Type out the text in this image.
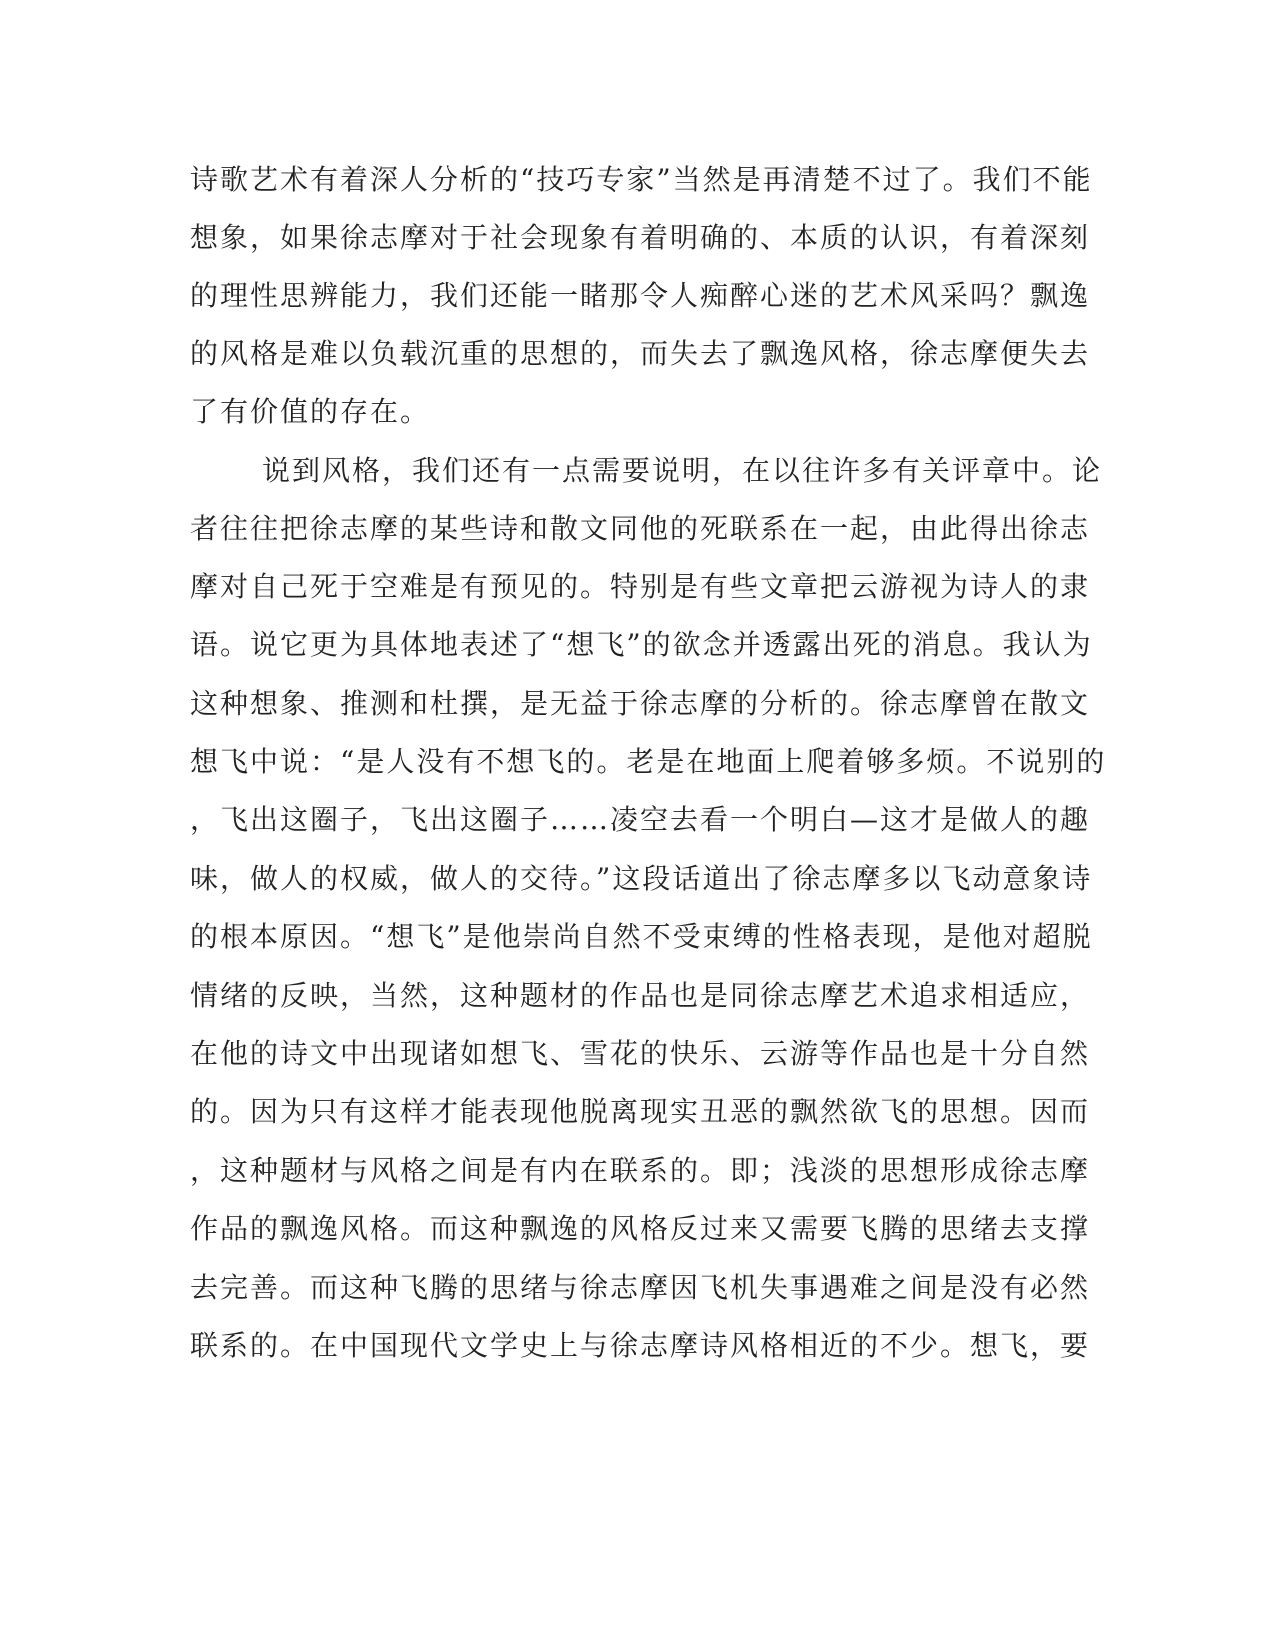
诗歌艺术有着深人分析的“技巧专家”当然是再清楚不过了。我们不能
想象，如果徐志摩对于社会现象有着明确的、本质的认识，有着深刻
的理性思辨能力，我们还能一睹那令人痴醉心迷的艺术风采吗？飘逸
的风格是难以负载沉重的思想的，而失去了飘逸风格，徐志摩便失去
了有价值的存在。
说到风格，我们还有一点需要说明，在以往许多有关评章中。论
者往往把徐志摩的某些诗和散文同他的死联系在一起，由此得出徐志
摩对自己死于空难是有预见的。特别是有些文章把云游视为诗人的隶
语。说它更为具体地表述了“想飞”的欲念并透露出死的消息。我认为
这种想象、推测和杜撰，是无益于徐志摩的分析的。徐志摩曾在散文
想飞中说：“是人没有不想飞的。老是在地面上爬着够多烦。不说别的
，飞出这圈子，飞出这圈子……凌空去看一个明白—这才是做人的趣
味，做人的权威，做人的交待。”这段话道出了徐志摩多以飞动意象诗
的根本原因。“想飞”是他崇尚自然不受束缚的性格表现，是他对超脱
情绪的反映，当然，这种题材的作品也是同徐志摩艺术追求相适应，
在他的诗文中出现诸如想飞、雪花的快乐、云游等作品也是十分自然
的。因为只有这样才能表现他脱离现实丑恶的飘然欲飞的思想。因而
，这种题材与风格之间是有内在联系的。即；浅淡的思想形成徐志摩
作品的飘逸风格。而这种飘逸的风格反过来又需要飞腾的思绪去支撑
去完善。而这种飞腾的思绪与徐志摩因飞机失事遇难之间是没有必然
联系的。在中国现代文学史上与徐志摩诗风格相近的不少。想飞，要
